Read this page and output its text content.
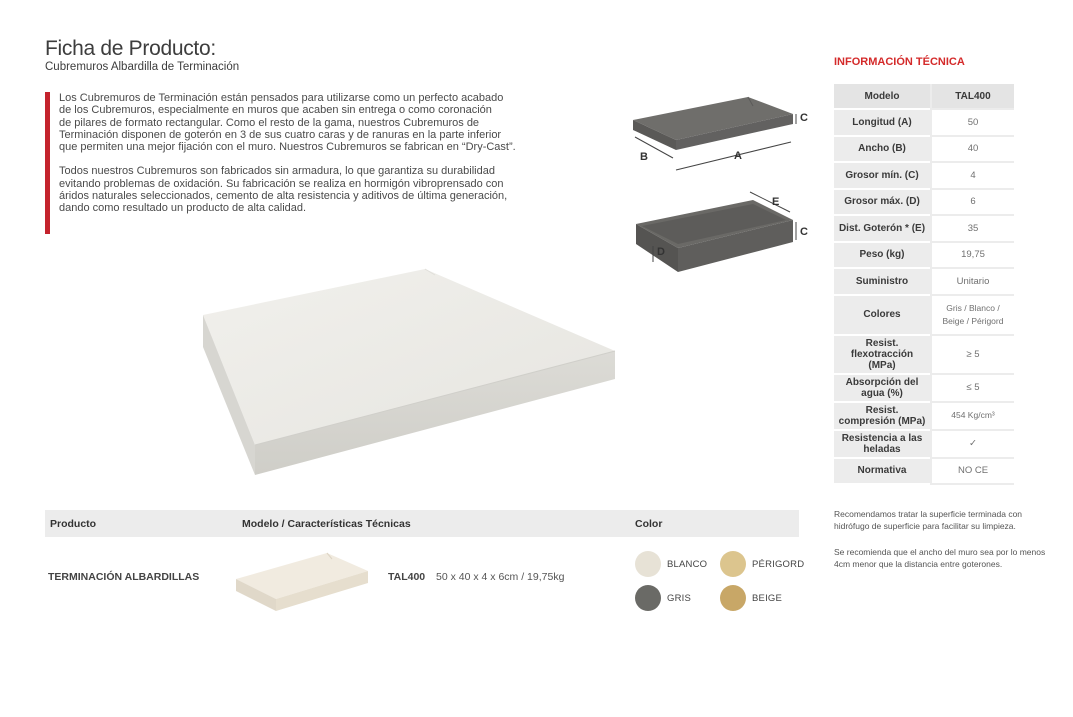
Ficha de Producto:
Cubremuros Albardilla de Terminación

Los Cubremuros de Terminación están pensados para utilizarse como un perfecto acabado
de los Cubremuros, especialmente en muros que acaben sin entrega o como coronación
de pilares de formato rectangular. Como el resto de la gama, nuestros Cubremuros de
Terminación disponen de goterón en 3 de sus cuatro caras y de ranuras en la parte inferior
que permiten una mejor fijación con el muro. Nuestros Cubremuros se fabrican en “Dry-Cast”.

Todos nuestros Cubremuros son fabricados sin armadura, lo que garantiza su durabilidad
evitando problemas de oxidación. Su fabricación se realiza en hormigón vibroprensado con
áridos naturales seleccionados, cemento de alta resistencia y aditivos de última generación,
dando como resultado un producto de alta calidad.

B	A
C
E
C
D
INFORMACIÓN TÉCNICA
Modelo	TAL400
Longitud (A)	50
Ancho (B)	40
Grosor mín. (C)	4
Grosor máx. (D)	6
Dist. Goterón * (E)	35
Peso (kg)	19,75
Suministro	Unitario
Colores	Gris / Blanco /
Beige / Périgord
Resist.
flexotracción
(MPa)	≥ 5
Absorpción del
agua (%)	≤ 5
Resist.
compresión (MPa)	454 Kg/cm³
Resistencia a las
heladas	✓
Normativa	NO CE
Recomendamos tratar la superficie terminada con
hidrófugo de superficie para facilitar su limpieza.
Se recomienda que el ancho del muro sea por lo menos
4cm menor que la distancia entre goterones.
Producto	Modelo / Características Técnicas	Color
TERMINACIÓN ALBARDILLAS	TAL400 50 x 40 x 4 x 6cm / 19,75kg
BLANCO	PÉRIGORD
GRIS	BEIGE
